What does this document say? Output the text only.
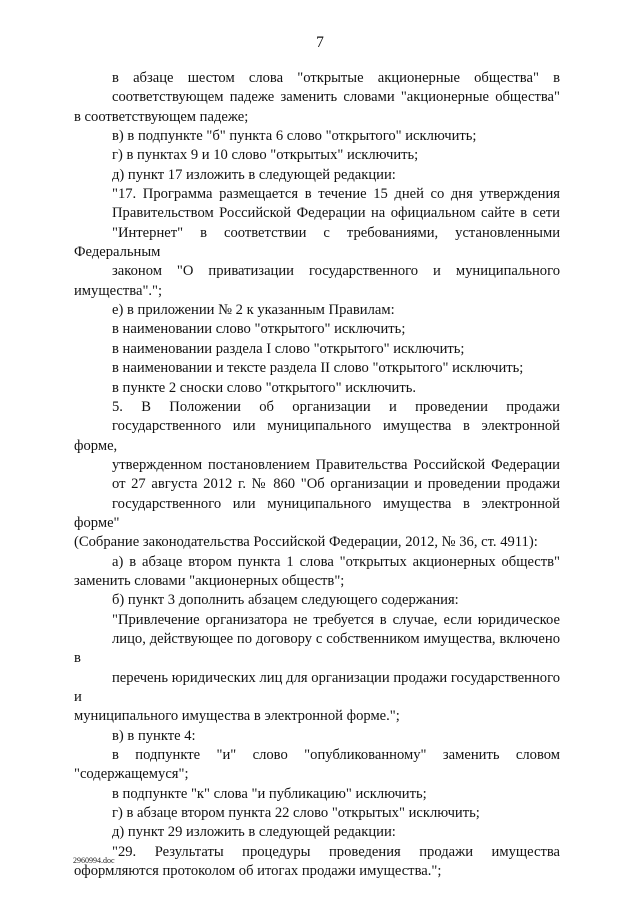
7
в абзаце шестом слова "открытые акционерные общества" в
соответствующем падеже заменить словами "акционерные общества"
в соответствующем падеже;
в) в подпункте "б" пункта 6 слово "открытого" исключить;
г) в пунктах 9 и 10 слово "открытых" исключить;
д) пункт 17 изложить в следующей редакции:
"17. Программа размещается в течение 15 дней со дня утверждения
Правительством Российской Федерации на официальном сайте в сети
"Интернет" в соответствии с требованиями, установленными Федеральным
законом "О приватизации государственного и муниципального
имущества".";
е) в приложении № 2 к указанным Правилам:
в наименовании слово "открытого" исключить;
в наименовании раздела I слово "открытого" исключить;
в наименовании и тексте раздела II слово "открытого" исключить;
в пункте 2 сноски слово "открытого" исключить.
5. В Положении об организации и проведении продажи
государственного или муниципального имущества в электронной форме,
утвержденном постановлением Правительства Российской Федерации
от 27 августа 2012 г. № 860 "Об организации и проведении продажи
государственного или муниципального имущества в электронной форме"
(Собрание законодательства Российской Федерации, 2012, № 36, ст. 4911):
а) в абзаце втором пункта 1 слова "открытых акционерных обществ"
заменить словами "акционерных обществ";
б) пункт 3 дополнить абзацем следующего содержания:
"Привлечение организатора не требуется в случае, если юридическое
лицо, действующее по договору с собственником имущества, включено в
перечень юридических лиц для организации продажи государственного и
муниципального имущества в электронной форме.";
в) в пункте 4:
в подпункте "и" слово "опубликованному" заменить словом
"содержащемуся";
в подпункте "к" слова "и публикацию" исключить;
г) в абзаце втором пункта 22 слово "открытых" исключить;
д) пункт 29 изложить в следующей редакции:
"29. Результаты процедуры проведения продажи имущества
оформляются протоколом об итогах продажи имущества.";
2960994.doc
